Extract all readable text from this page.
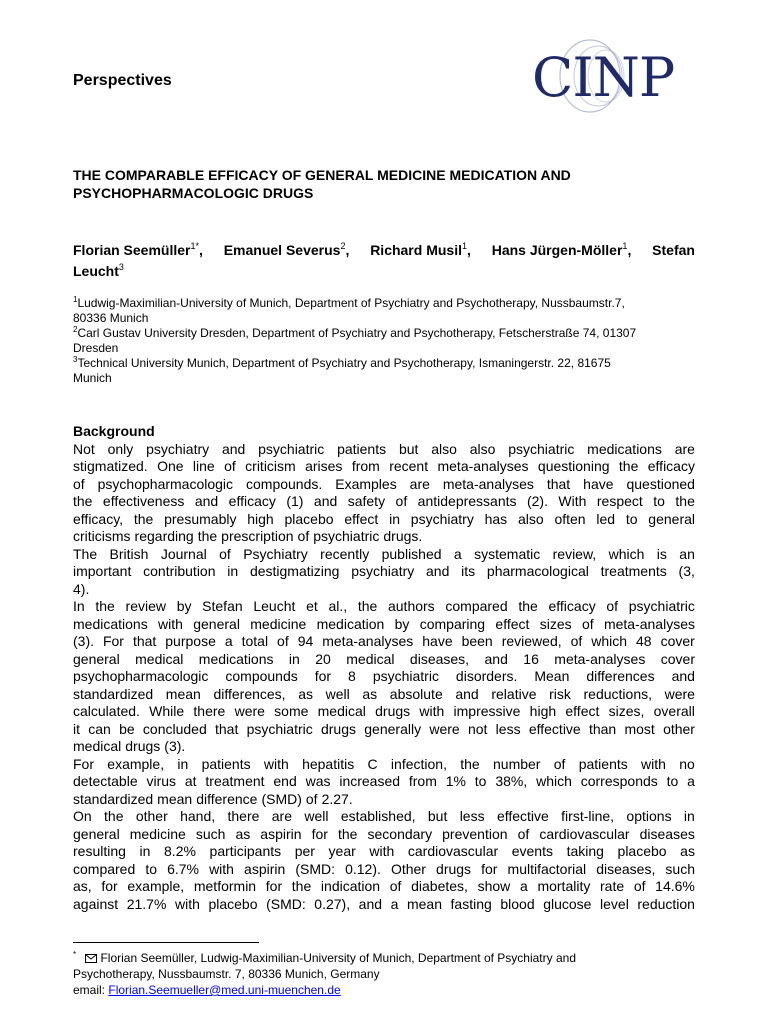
Perspectives	CINP
THE COMPARABLE EFFICACY OF GENERAL MEDICINE MEDICATION AND
PSYCHOPHARMACOLOGIC DRUGS
Florian Seemüller$^{1*}$, Emanuel Severus$^2$, Richard Musil$^1$, Hans Jürgen-Möller$^1$, Stefan
Leucht$^3$
$^1$Ludwig-Maximilian-University of Munich, Department of Psychiatry and Psychotherapy, Nussbaumstr.7,
80336 Munich
$^2$Carl Gustav University Dresden, Department of Psychiatry and Psychotherapy, Fetscherstraße 74, 01307
Dresden
$^3$Technical University Munich, Department of Psychiatry and Psychotherapy, Ismaningerstr. 22, 81675
Munich
Background
Not only psychiatry and psychiatric patients but also also psychiatric medications are
stigmatized. One line of criticism arises from recent meta-analyses questioning the efficacy
of psychopharmacologic compounds. Examples are meta-analyses that have questioned
the effectiveness and efficacy (1) and safety of antidepressants (2). With respect to the
efficacy, the presumably high placebo effect in psychiatry has also often led to general
criticisms regarding the prescription of psychiatric drugs.
The British Journal of Psychiatry recently published a systematic review, which is an
important contribution in destigmatizing psychiatry and its pharmacological treatments (3,
4).
In the review by Stefan Leucht et al., the authors compared the efficacy of psychiatric
medications with general medicine medication by comparing effect sizes of meta-analyses
(3). For that purpose a total of 94 meta-analyses have been reviewed, of which 48 cover
general medical medications in 20 medical diseases, and 16 meta-analyses cover
psychopharmacologic compounds for 8 psychiatric disorders. Mean differences and
standardized mean differences, as well as absolute and relative risk reductions, were
calculated. While there were some medical drugs with impressive high effect sizes, overall
it can be concluded that psychiatric drugs generally were not less effective than most other
medical drugs (3).
For example, in patients with hepatitis C infection, the number of patients with no
detectable virus at treatment end was increased from 1% to 38%, which corresponds to a
standardized mean difference (SMD) of 2.27.
On the other hand, there are well established, but less effective first-line, options in
general medicine such as aspirin for the secondary prevention of cardiovascular diseases
resulting in 8.2% participants per year with cardiovascular events taking placebo as
compared to 6.7% with aspirin (SMD: 0.12). Other drugs for multifactorial diseases, such
as, for example, metformin for the indication of diabetes, show a mortality rate of 14.6%
against 21.7% with placebo (SMD: 0.27), and a mean fasting blood glucose level reduction
* Florian Seemüller, Ludwig-Maximilian-University of Munich, Department of Psychiatry and
Psychotherapy, Nussbaumstr. 7, 80336 Munich, Germany
email: Florian.Seemueller@med.uni-muenchen.de
